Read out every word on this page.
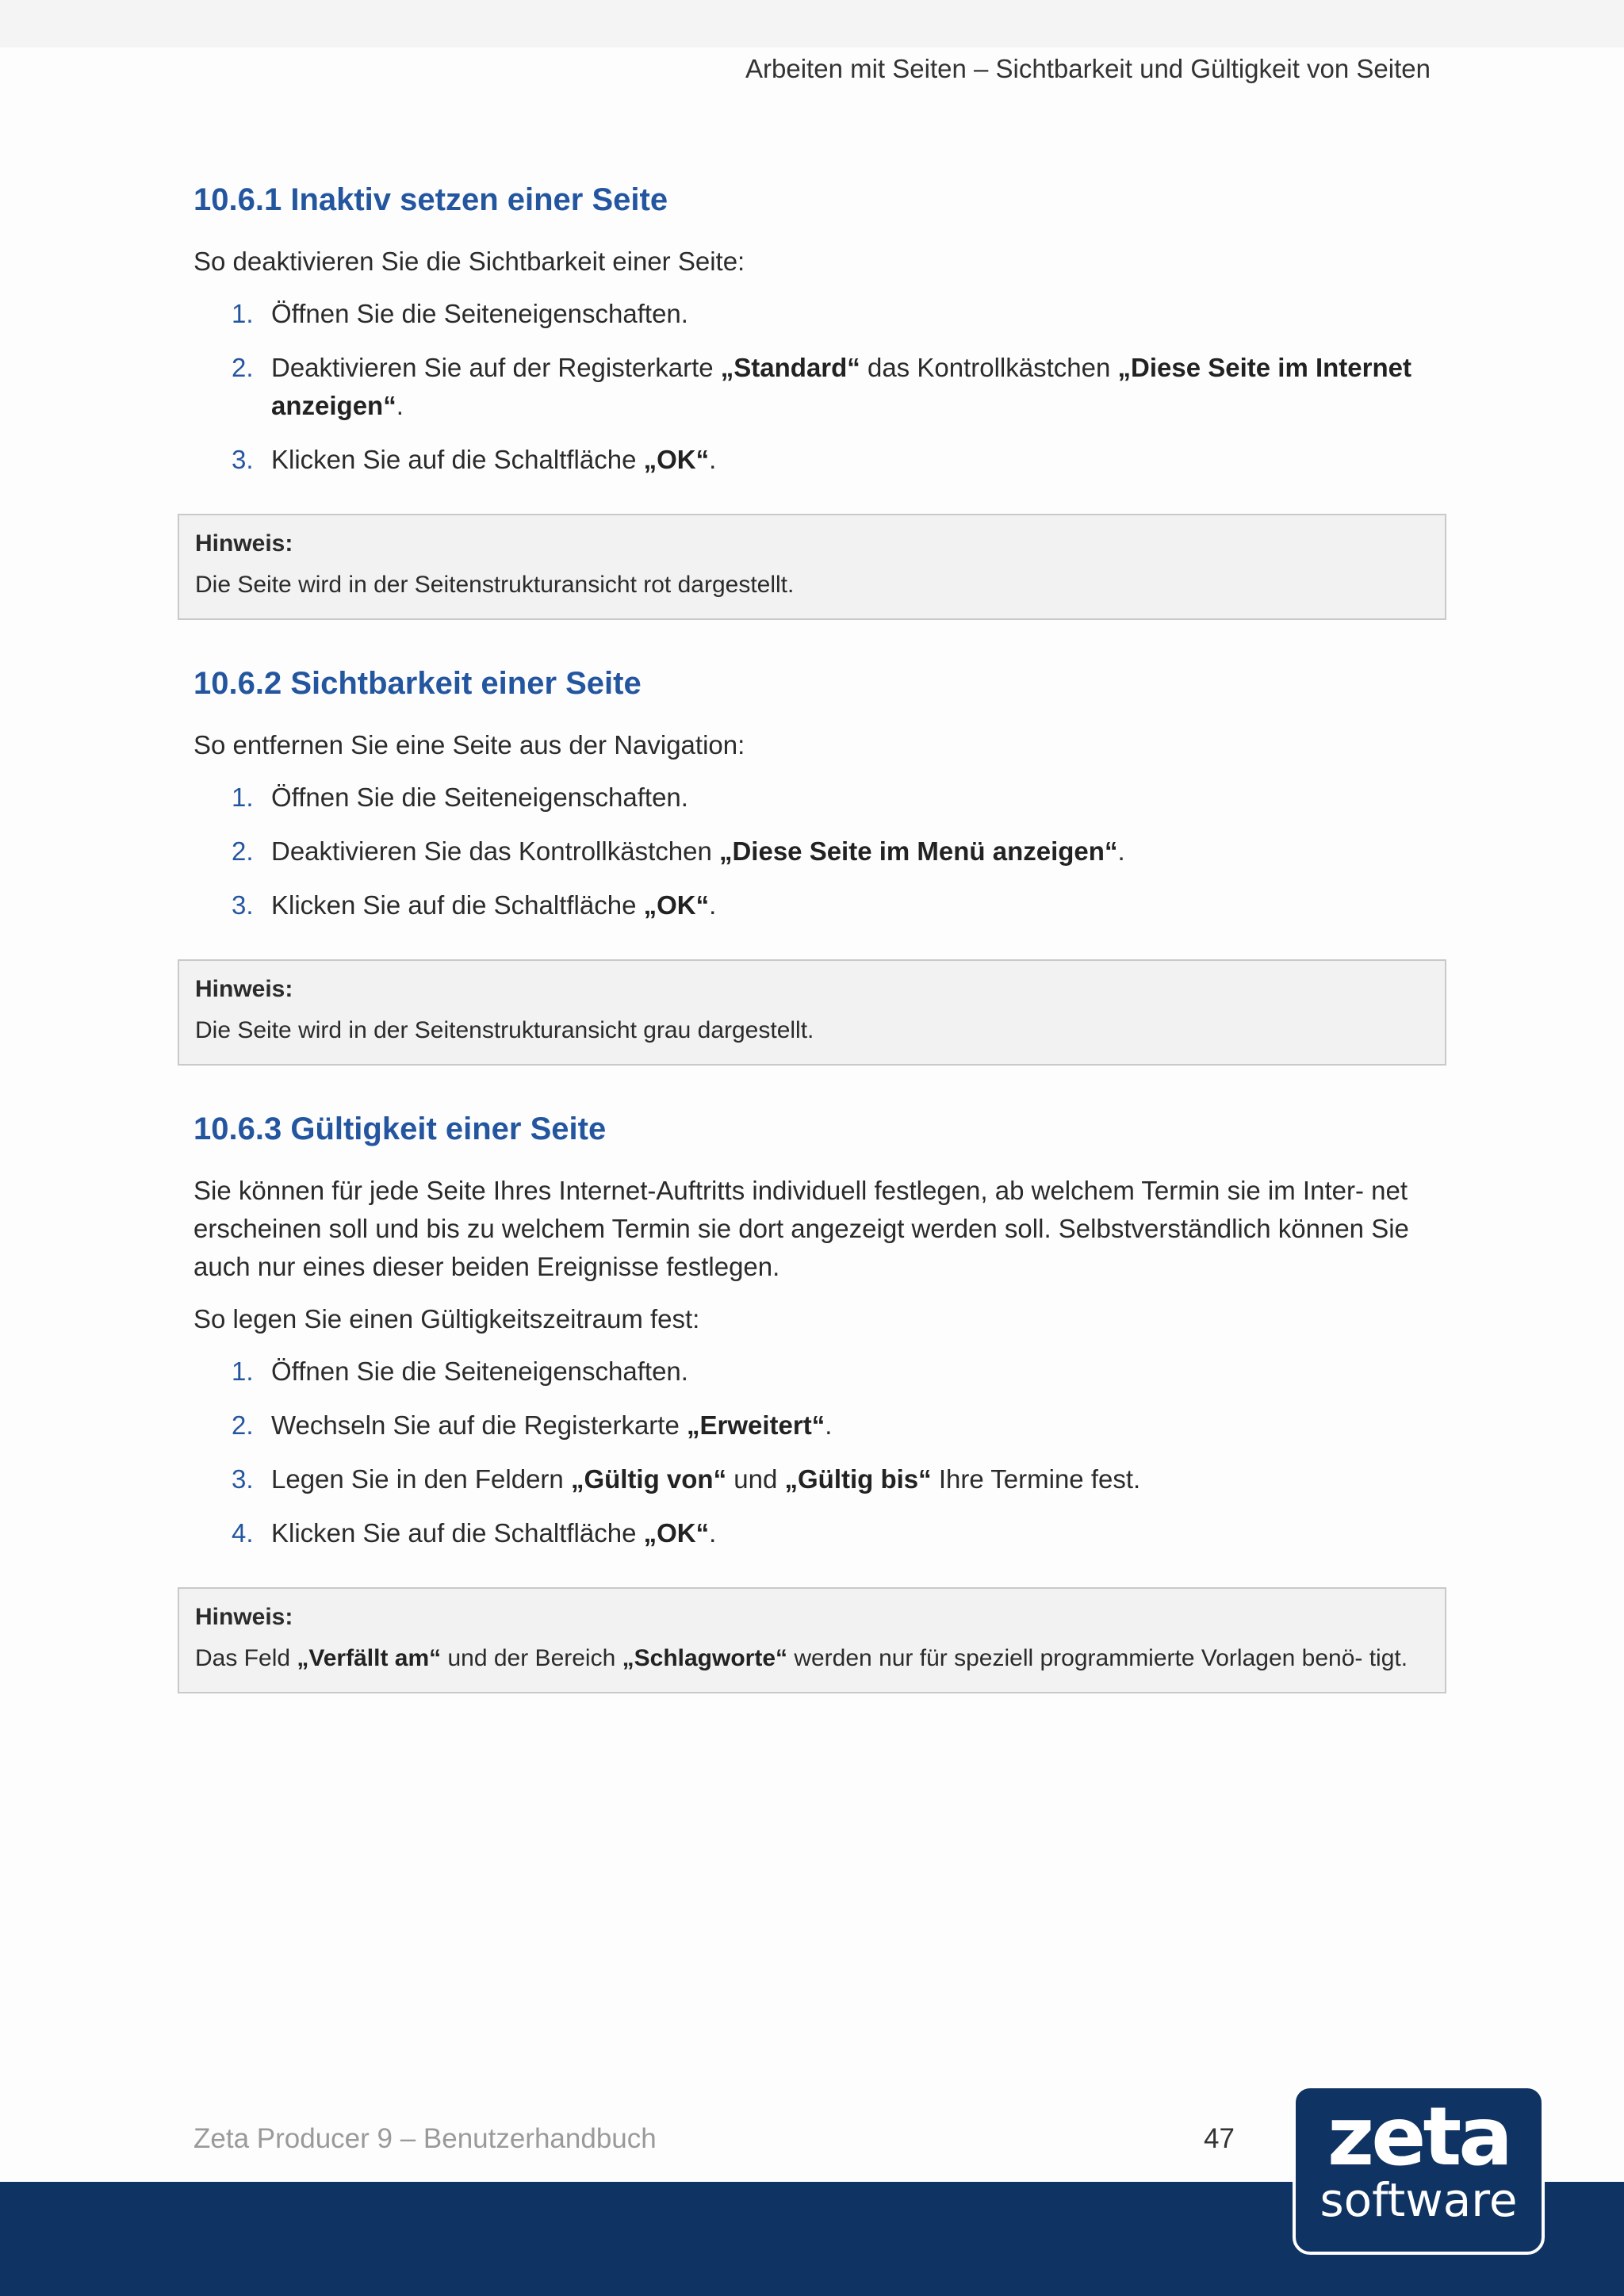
Arbeiten mit Seiten – Sichtbarkeit und Gültigkeit von Seiten
10.6.1 Inaktiv setzen einer Seite

So deaktivieren Sie die Sichtbarkeit einer Seite:

1. Öffnen Sie die Seiteneigenschaften.
2. Deaktivieren Sie auf der Registerkarte „Standard“ das Kontrollkästchen „Diese Seite im Internet anzeigen“.
3. Klicken Sie auf die Schaltfläche „OK“.
Hinweis:
Die Seite wird in der Seitenstrukturansicht rot dargestellt.
10.6.2 Sichtbarkeit einer Seite

So entfernen Sie eine Seite aus der Navigation:

1. Öffnen Sie die Seiteneigenschaften.
2. Deaktivieren Sie das Kontrollkästchen „Diese Seite im Menü anzeigen“.
3. Klicken Sie auf die Schaltfläche „OK“.
Hinweis:
Die Seite wird in der Seitenstrukturansicht grau dargestellt.
10.6.3 Gültigkeit einer Seite

Sie können für jede Seite Ihres Internet-Auftritts individuell festlegen, ab welchem Termin sie im Inter- net erscheinen soll und bis zu welchem Termin sie dort angezeigt werden soll. Selbstverständlich können Sie auch nur eines dieser beiden Ereignisse festlegen.

So legen Sie einen Gültigkeitszeitraum fest:

1. Öffnen Sie die Seiteneigenschaften.
2. Wechseln Sie auf die Registerkarte „Erweitert“.
3. Legen Sie in den Feldern „Gültig von“ und „Gültig bis“ Ihre Termine fest.
4. Klicken Sie auf die Schaltfläche „OK“.
Hinweis:
Das Feld „Verfällt am“ und der Bereich „Schlagworte“ werden nur für speziell programmierte Vorlagen benö- tigt.
Zeta Producer 9 – Benutzerhandbuch	47	zeta
software
